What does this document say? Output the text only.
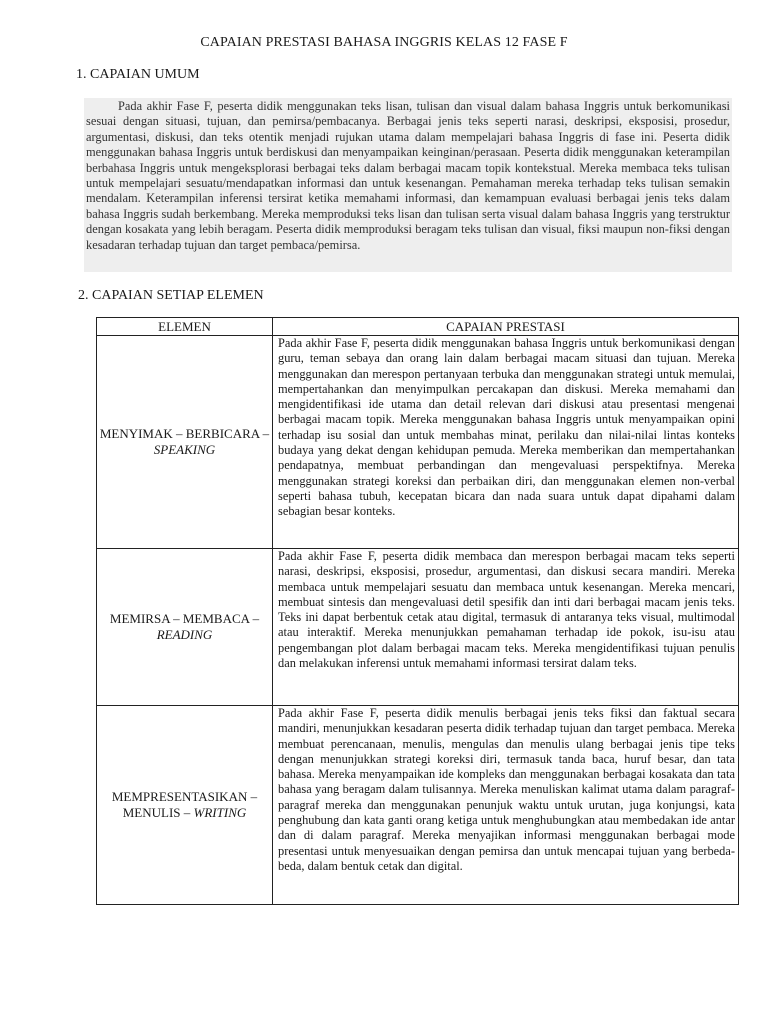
CAPAIAN PRESTASI BAHASA INGGRIS KELAS 12 FASE F
1. CAPAIAN UMUM

Pada akhir Fase F, peserta didik menggunakan teks lisan, tulisan dan visual dalam bahasa Inggris untuk berkomunikasi sesuai dengan situasi, tujuan, dan pemirsa/pembacanya. Berbagai jenis teks seperti narasi, deskripsi, eksposisi, prosedur, argumentasi, diskusi, dan teks otentik menjadi rujukan utama dalam mempelajari bahasa Inggris di fase ini. Peserta didik menggunakan bahasa Inggris untuk berdiskusi dan menyampaikan keinginan/perasaan. Peserta didik menggunakan keterampilan berbahasa Inggris untuk mengeksplorasi berbagai teks dalam berbagai macam topik kontekstual. Mereka membaca teks tulisan untuk mempelajari sesuatu/mendapatkan informasi dan untuk kesenangan. Pemahaman mereka terhadap teks tulisan semakin mendalam. Keterampilan inferensi tersirat ketika memahami informasi, dan kemampuan evaluasi berbagai jenis teks dalam bahasa Inggris sudah berkembang. Mereka memproduksi teks lisan dan tulisan serta visual dalam bahasa Inggris yang terstruktur dengan kosakata yang lebih beragam. Peserta didik memproduksi beragam teks tulisan dan visual, fiksi maupun non-fiksi dengan kesadaran terhadap tujuan dan target pembaca/pemirsa.

2. CAPAIAN SETIAP ELEMEN
ELEMEN	CAPAIAN PRESTASI
MENYIMAK – BERBICARA – SPEAKING	Pada akhir Fase F, peserta didik menggunakan bahasa Inggris untuk berkomunikasi dengan guru, teman sebaya dan orang lain dalam berbagai macam situasi dan tujuan. Mereka menggunakan dan merespon pertanyaan terbuka dan menggunakan strategi untuk memulai, mempertahankan dan menyimpulkan percakapan dan diskusi. Mereka memahami dan mengidentifikasi ide utama dan detail relevan dari diskusi atau presentasi mengenai berbagai macam topik. Mereka menggunakan bahasa Inggris untuk menyampaikan opini terhadap isu sosial dan untuk membahas minat, perilaku dan nilai-nilai lintas konteks budaya yang dekat dengan kehidupan pemuda. Mereka memberikan dan mempertahankan pendapatnya, membuat perbandingan dan mengevaluasi perspektifnya. Mereka menggunakan strategi koreksi dan perbaikan diri, dan menggunakan elemen non-verbal seperti bahasa tubuh, kecepatan bicara dan nada suara untuk dapat dipahami dalam sebagian besar konteks.
MEMIRSA – MEMBACA – READING	Pada akhir Fase F, peserta didik membaca dan merespon berbagai macam teks seperti narasi, deskripsi, eksposisi, prosedur, argumentasi, dan diskusi secara mandiri. Mereka membaca untuk mempelajari sesuatu dan membaca untuk kesenangan. Mereka mencari, membuat sintesis dan mengevaluasi detil spesifik dan inti dari berbagai macam jenis teks. Teks ini dapat berbentuk cetak atau digital, termasuk di antaranya teks visual, multimodal atau interaktif. Mereka menunjukkan pemahaman terhadap ide pokok, isu-isu atau pengembangan plot dalam berbagai macam teks. Mereka mengidentifikasi tujuan penulis dan melakukan inferensi untuk memahami informasi tersirat dalam teks.
MEMPRESENTASIKAN – MENULIS – WRITING	Pada akhir Fase F, peserta didik menulis berbagai jenis teks fiksi dan faktual secara mandiri, menunjukkan kesadaran peserta didik terhadap tujuan dan target pembaca. Mereka membuat perencanaan, menulis, mengulas dan menulis ulang berbagai jenis tipe teks dengan menunjukkan strategi koreksi diri, termasuk tanda baca, huruf besar, dan tata bahasa. Mereka menyampaikan ide kompleks dan menggunakan berbagai kosakata dan tata bahasa yang beragam dalam tulisannya. Mereka menuliskan kalimat utama dalam paragraf-paragraf mereka dan menggunakan penunjuk waktu untuk urutan, juga konjungsi, kata penghubung dan kata ganti orang ketiga untuk menghubungkan atau membedakan ide antar dan di dalam paragraf. Mereka menyajikan informasi menggunakan berbagai mode presentasi untuk menyesuaikan dengan pemirsa dan untuk mencapai tujuan yang berbeda-beda, dalam bentuk cetak dan digital.
